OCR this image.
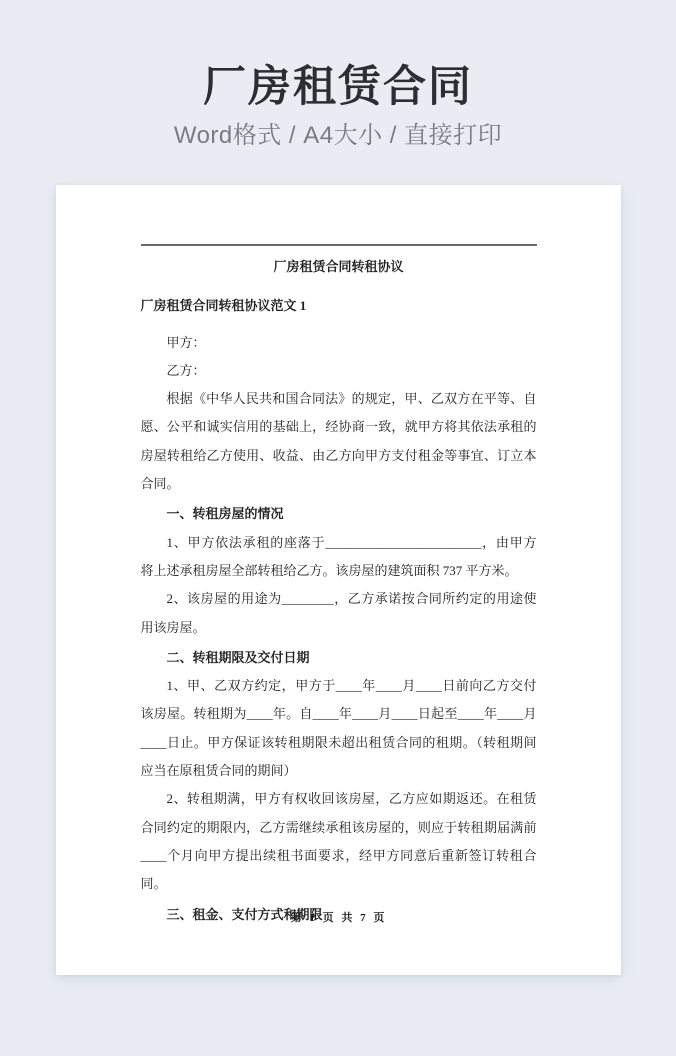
厂房租赁合同
Word格式 / A4大小 / 直接打印
厂房租赁合同转租协议
厂房租赁合同转租协议范文 1
甲方：
乙方：
根据《中华人民共和国合同法》的规定，甲、乙双方在平等、自愿、公平和诚实信用的基础上，经协商一致，就甲方将其依法承租的房屋转租给乙方使用、收益、由乙方向甲方支付租金等事宜、订立本合同。
一、转租房屋的情况
1、甲方依法承租的座落于________________________，由甲方将上述承租房屋全部转租给乙方。该房屋的建筑面积 737 平方米。
2、该房屋的用途为________，乙方承诺按合同所约定的用途使用该房屋。
二、转租期限及交付日期
1、甲、乙双方约定，甲方于____年____月____日前向乙方交付该房屋。转租期为____年。自____年____月____日起至____年____月____日止。甲方保证该转租期限未超出租赁合同的租期。（转租期间应当在原租赁合同的期间）
2、转租期满，甲方有权收回该房屋，乙方应如期返还。在租赁合同约定的期限内，乙方需继续承租该房屋的，则应于转租期届满前____个月向甲方提出续租书面要求，经甲方同意后重新签订转租合同。
三、租金、支付方式和期限
第 1 页 共 7 页
